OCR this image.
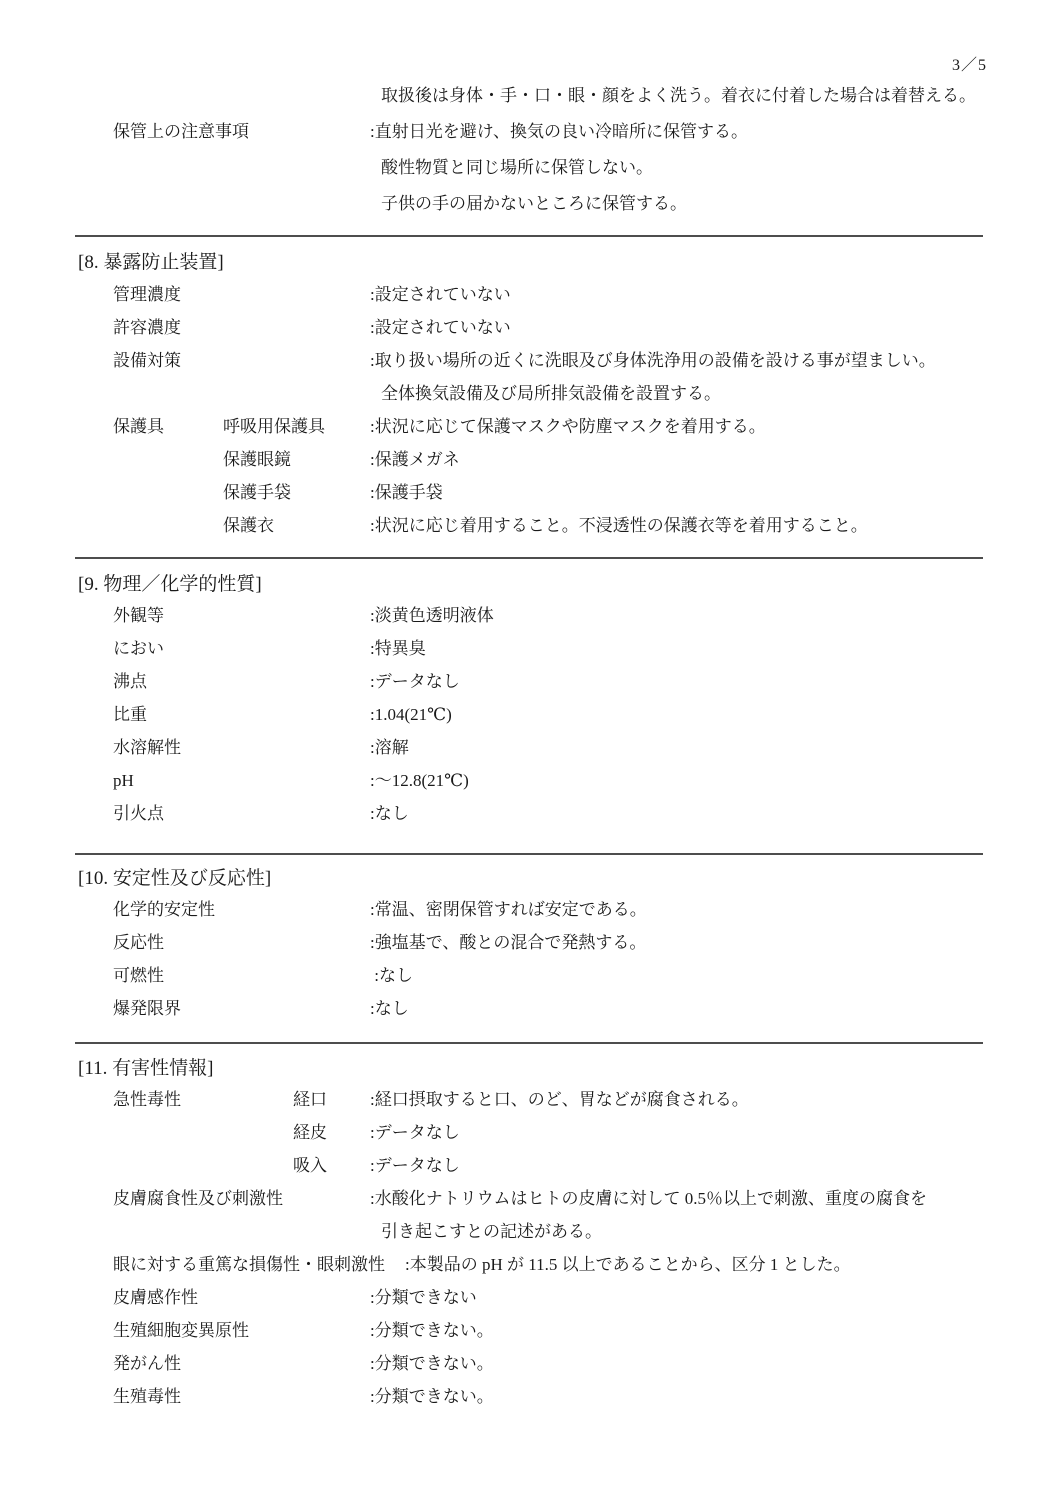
3／5
取扱後は身体・手・口・眼・顔をよく洗う。着衣に付着した場合は着替える。
保管上の注意事項	:直射日光を避け、換気の良い冷暗所に保管する。
酸性物質と同じ場所に保管しない。
子供の手の届かないところに保管する。
[8. 暴露防止装置]
管理濃度	:設定されていない
許容濃度	:設定されていない
設備対策	:取り扱い場所の近くに洗眼及び身体洗浄用の設備を設ける事が望ましい。
全体換気設備及び局所排気設備を設置する。
保護具	呼吸用保護具	:状況に応じて保護マスクや防塵マスクを着用する。
保護眼鏡	:保護メガネ
保護手袋	:保護手袋
保護衣	:状況に応じ着用すること。不浸透性の保護衣等を着用すること。
[9. 物理／化学的性質]
外観等	:淡黄色透明液体
におい	:特異臭
沸点	:データなし
比重	:1.04(21℃)
水溶解性	:溶解
pH	:～12.8(21℃)
引火点	:なし
[10. 安定性及び反応性]
化学的安定性	:常温、密閉保管すれば安定である。
反応性	:強塩基で、酸との混合で発熱する。
可燃性	:なし
爆発限界	:なし
[11. 有害性情報]
急性毒性	経口	:経口摂取すると口、のど、胃などが腐食される。
経皮	:データなし
吸入	:データなし
皮膚腐食性及び刺激性	:水酸化ナトリウムはヒトの皮膚に対して 0.5％以上で刺激、重度の腐食を
引き起こすとの記述がある。
眼に対する重篤な損傷性・眼刺激性 :本製品の pH が 11.5 以上であることから、区分 1 とした。
皮膚感作性	:分類できない
生殖細胞変異原性	:分類できない。
発がん性	:分類できない。
生殖毒性	:分類できない。
